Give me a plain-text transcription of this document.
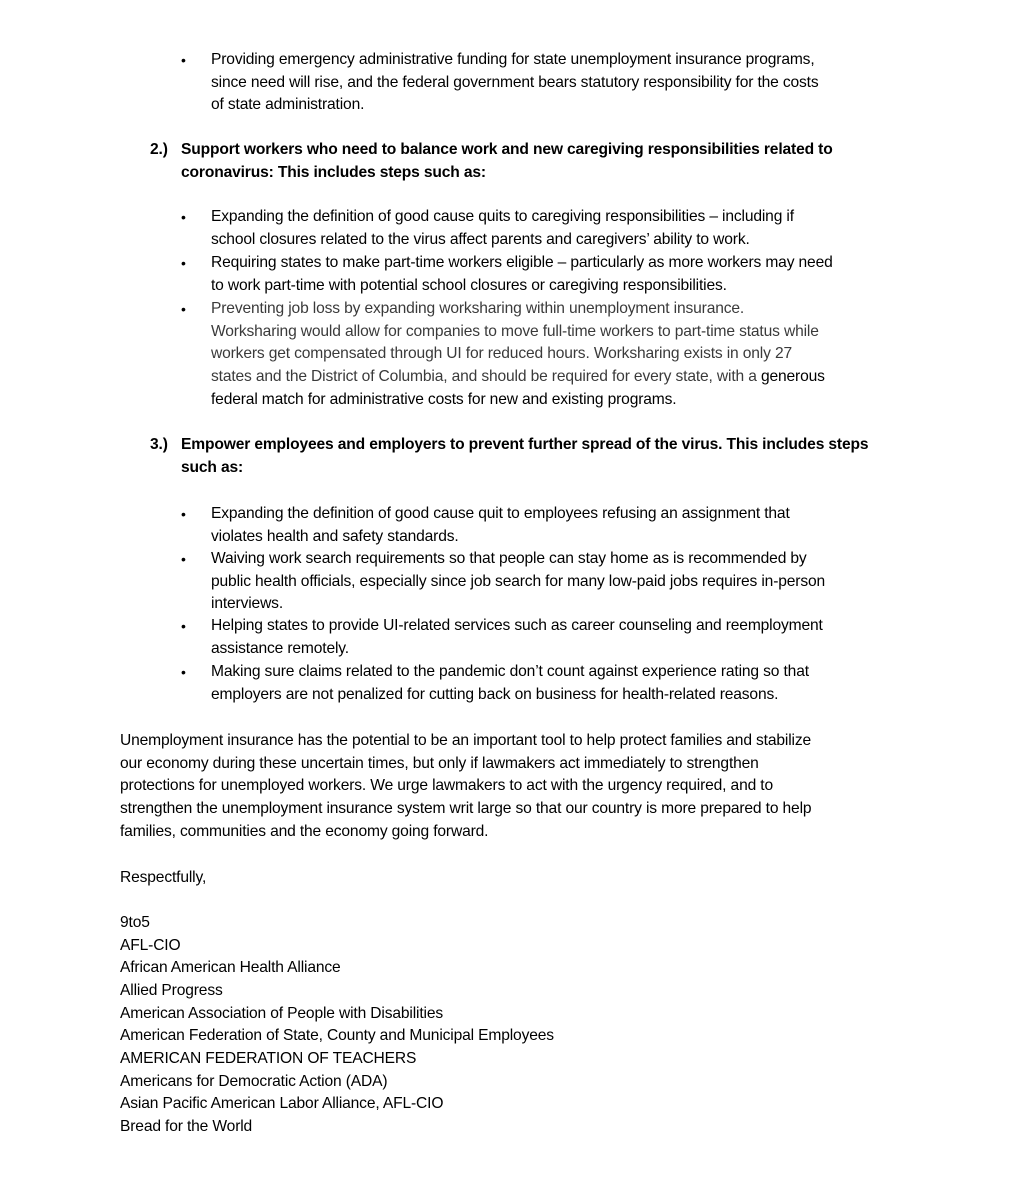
• Providing emergency administrative funding for state unemployment insurance programs,
since need will rise, and the federal government bears statutory responsibility for the costs
of state administration.
2.) Support workers who need to balance work and new caregiving responsibilities related to
coronavirus: This includes steps such as:
• Expanding the definition of good cause quits to caregiving responsibilities – including if
school closures related to the virus affect parents and caregivers’ ability to work.
• Requiring states to make part-time workers eligible – particularly as more workers may need
to work part-time with potential school closures or caregiving responsibilities.
• Preventing job loss by expanding worksharing within unemployment insurance.
Worksharing would allow for companies to move full-time workers to part-time status while
workers get compensated through UI for reduced hours. Worksharing exists in only 27
states and the District of Columbia, and should be required for every state, with a generous
federal match for administrative costs for new and existing programs.
3.) Empower employees and employers to prevent further spread of the virus. This includes steps
such as:
• Expanding the definition of good cause quit to employees refusing an assignment that
violates health and safety standards.
• Waiving work search requirements so that people can stay home as is recommended by
public health officials, especially since job search for many low-paid jobs requires in-person
interviews.
• Helping states to provide UI-related services such as career counseling and reemployment
assistance remotely.
• Making sure claims related to the pandemic don’t count against experience rating so that
employers are not penalized for cutting back on business for health-related reasons.
Unemployment insurance has the potential to be an important tool to help protect families and stabilize
our economy during these uncertain times, but only if lawmakers act immediately to strengthen
protections for unemployed workers. We urge lawmakers to act with the urgency required, and to
strengthen the unemployment insurance system writ large so that our country is more prepared to help
families, communities and the economy going forward.
Respectfully,
9to5
AFL-CIO
African American Health Alliance
Allied Progress
American Association of People with Disabilities
American Federation of State, County and Municipal Employees
AMERICAN FEDERATION OF TEACHERS
Americans for Democratic Action (ADA)
Asian Pacific American Labor Alliance, AFL-CIO
Bread for the World
